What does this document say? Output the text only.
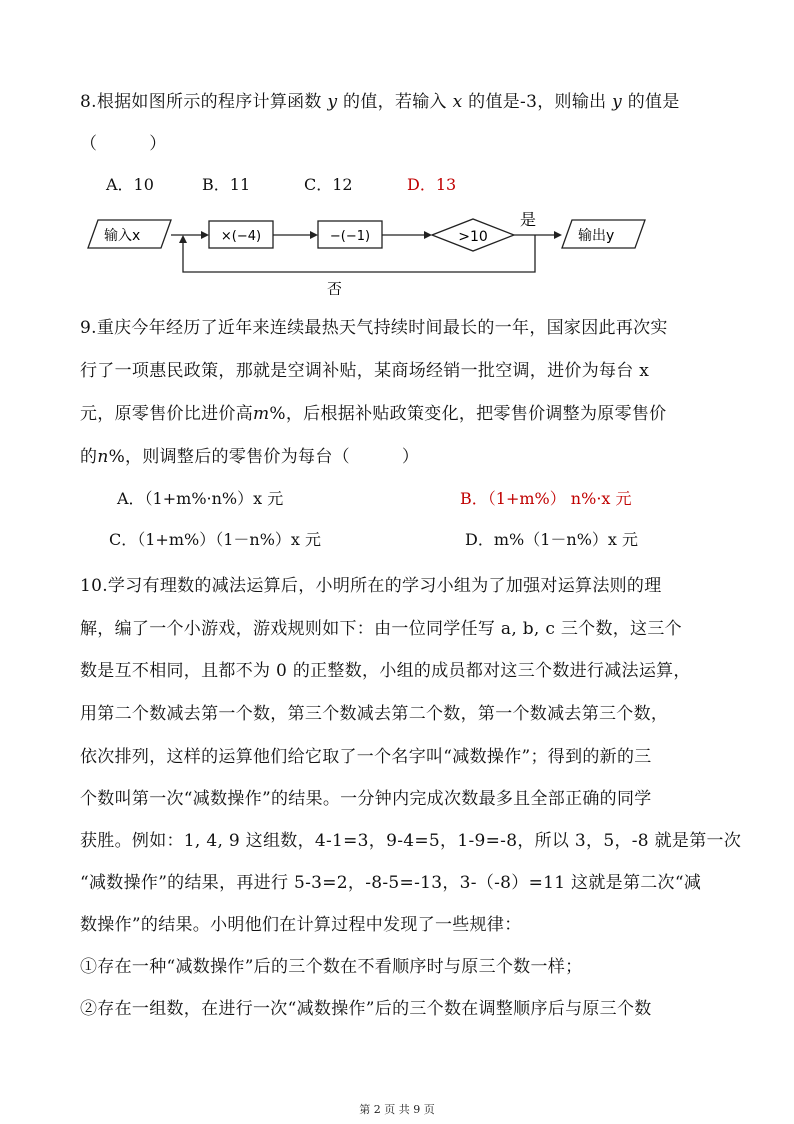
8.根据如图所示的程序计算函数 y 的值，若输入 x 的值是-3，则输出 y 的值是
（　　　）
A．10	B．11	C．12	D．13
输入x	×(−4)	−(−1)	>10
是
否
输出y
9.重庆今年经历了近年来连续最热天气持续时间最长的一年，国家因此再次实
行了一项惠民政策，那就是空调补贴，某商场经销一批空调，进价为每台 x
元，原零售价比进价高m%，后根据补贴政策变化，把零售价调整为原零售价
的n%，则调整后的零售价为每台（　　　）
A．（1+m%·n%）x 元	B．（1+m%） n%·x 元
C．（1+m%）（1－n%）x 元	D．m%（1－n%）x 元
10.学习有理数的减法运算后，小明所在的学习小组为了加强对运算法则的理
解，编了一个小游戏，游戏规则如下：由一位同学任写 a, b, c 三个数，这三个
数是互不相同，且都不为 0 的正整数，小组的成员都对这三个数进行减法运算，
用第二个数减去第一个数，第三个数减去第二个数，第一个数减去第三个数，
依次排列，这样的运算他们给它取了一个名字叫“减数操作”；得到的新的三
个数叫第一次“减数操作”的结果。一分钟内完成次数最多且全部正确的同学
获胜。例如：1, 4, 9 这组数，4-1=3，9-4=5，1-9=-8，所以 3，5，-8 就是第一次
“减数操作”的结果，再进行 5-3=2，-8-5=-13，3-（-8）=11 这就是第二次“减
数操作”的结果。小明他们在计算过程中发现了一些规律：
①存在一种“减数操作”后的三个数在不看顺序时与原三个数一样；
②存在一组数，在进行一次“减数操作”后的三个数在调整顺序后与原三个数
第 2 页 共 9 页
